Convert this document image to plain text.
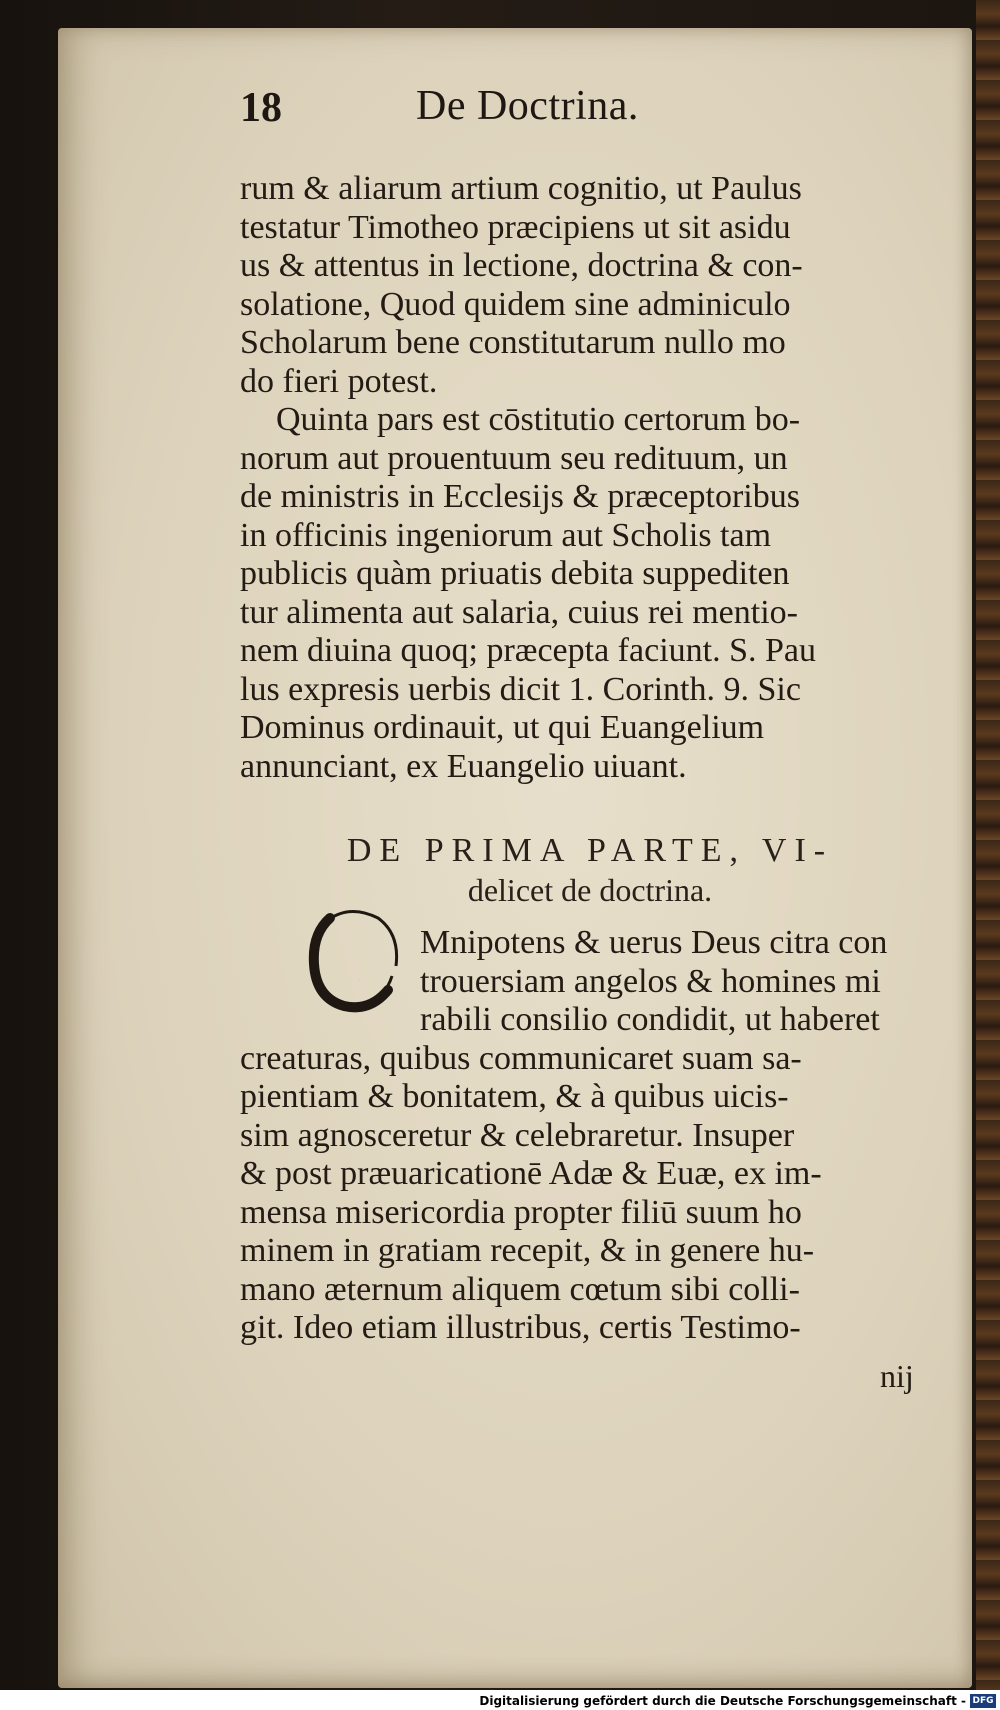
18	De Doctrina.
rum & aliarum artium cognitio, ut Paulus
testatur Timotheo præcipiens ut sit asidu
us & attentus in lectione, doctrina & con-
solatione, Quod quidem sine adminiculo
Scholarum bene constitutarum nullo mo
do fieri potest.
Quinta pars est cōstitutio certorum bo-
norum aut prouentuum seu redituum, un
de ministris in Ecclesijs & præceptoribus
in officinis ingeniorum aut Scholis tam
publicis quàm priuatis debita suppediten
tur alimenta aut salaria, cuius rei mentio-
nem diuina quoq; præcepta faciunt. S. Pau
lus expresis uerbis dicit 1. Corinth. 9. Sic
Dominus ordinauit, ut qui Euangelium
annunciant, ex Euangelio uiuant.
DE PRIMA PARTE, VI-
delicet de doctrina.
O
Mnipotens & uerus Deus citra con
trouersiam angelos & homines mi
rabili consilio condidit, ut haberet
creaturas, quibus communicaret suam sa-
pientiam & bonitatem, & à quibus uicis-
sim agnosceretur & celebraretur. Insuper
& post præuaricationē Adæ & Euæ, ex im-
mensa misericordia propter filiū suum ho
minem in gratiam recepit, & in genere hu-
mano æternum aliquem cœtum sibi colli-
git. Ideo etiam illustribus, certis Testimo-
nij
Digitalisierung gefördert durch die Deutsche Forschungsgemeinschaft - DFG
